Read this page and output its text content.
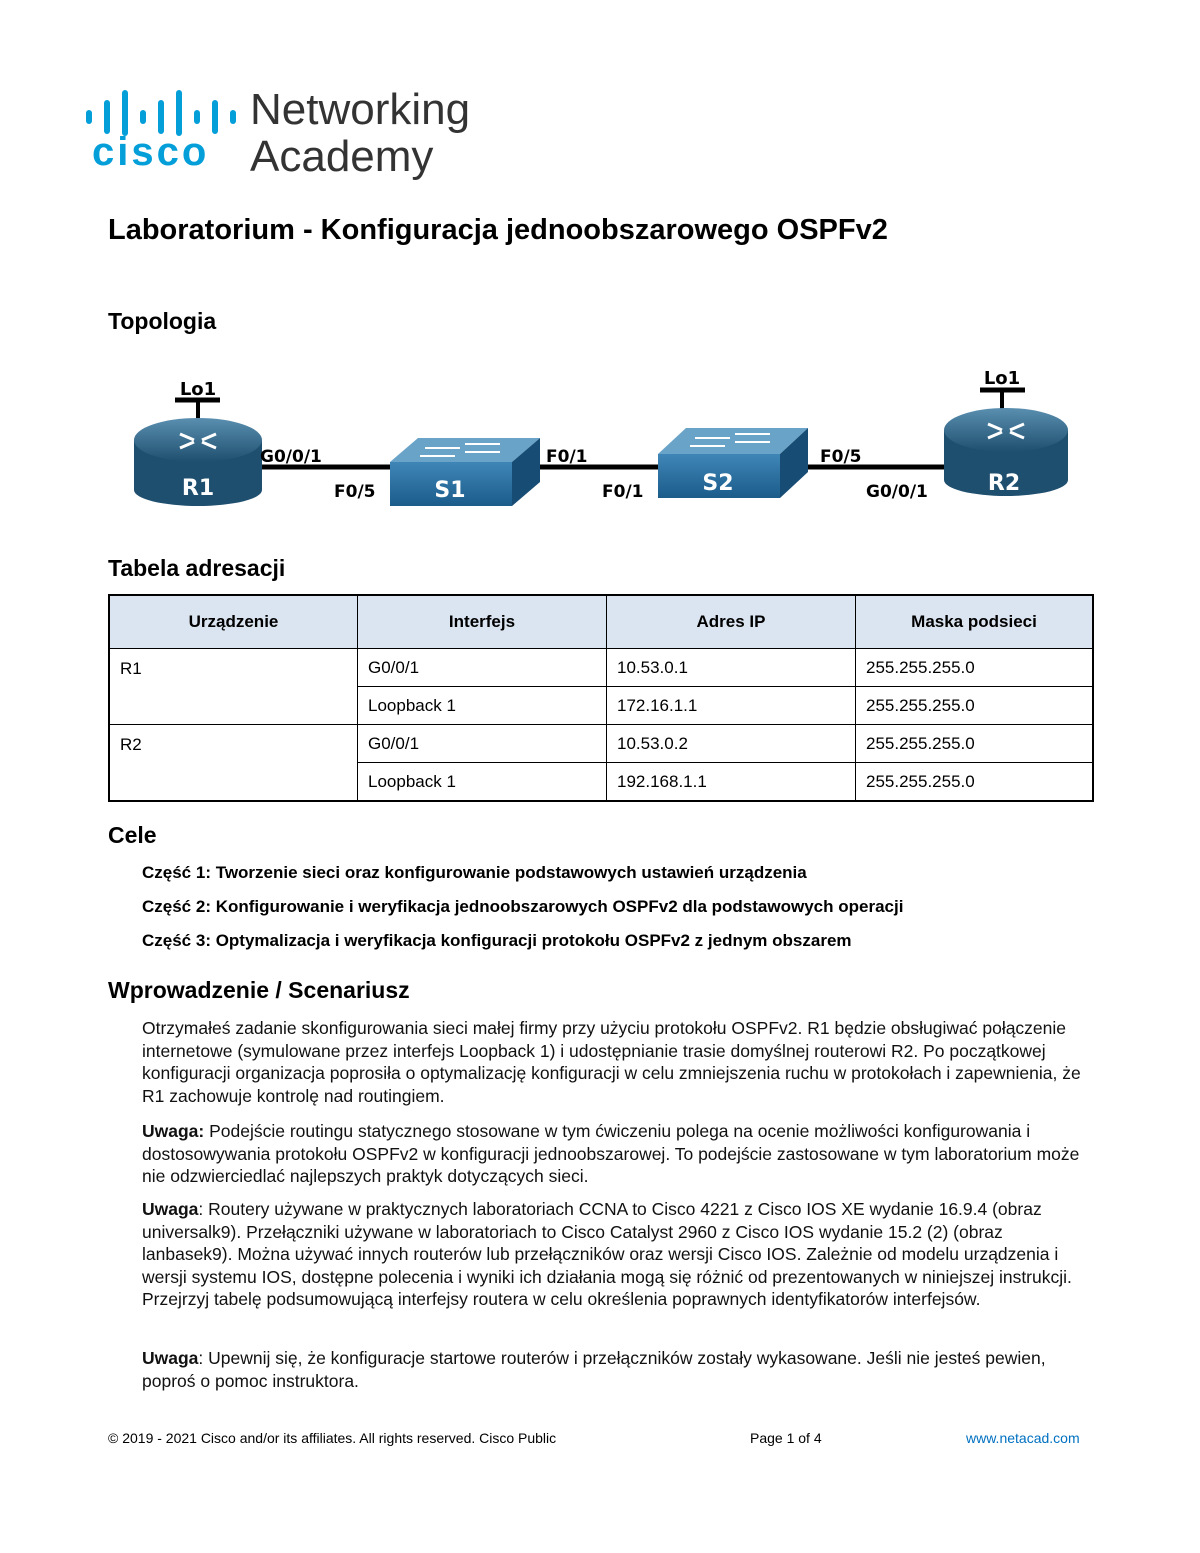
cisco
Networking
Academy
Laboratorium - Konfiguracja jednoobszarowego OSPFv2
Topologia
Lo1
R1
G0/0/1
F0/5	S1
F0/1
F0/1	S2
F0/5
G0/0/1
Lo1
R2
Tabela adresacji
Urządzenie	Interfejs	Adres IP	Maska podsieci
R1	G0/0/1	10.53.0.1	255.255.255.0
	Loopback 1	172.16.1.1	255.255.255.0
R2	G0/0/1	10.53.0.2	255.255.255.0
	Loopback 1	192.168.1.1	255.255.255.0
Cele
Część 1: Tworzenie sieci oraz konfigurowanie podstawowych ustawień urządzenia
Część 2: Konfigurowanie i weryfikacja jednoobszarowych OSPFv2 dla podstawowych operacji
Część 3: Optymalizacja i weryfikacja konfiguracji protokołu OSPFv2 z jednym obszarem
Wprowadzenie / Scenariusz
Otrzymałeś zadanie skonfigurowania sieci małej firmy przy użyciu protokołu OSPFv2. R1 będzie obsługiwać połączenie internetowe (symulowane przez interfejs Loopback 1) i udostępnianie trasie domyślnej routerowi R2. Po początkowej konfiguracji organizacja poprosiła o optymalizację konfiguracji w celu zmniejszenia ruchu w protokołach i zapewnienia, że R1 zachowuje kontrolę nad routingiem.
Uwaga: Podejście routingu statycznego stosowane w tym ćwiczeniu polega na ocenie możliwości konfigurowania i dostosowywania protokołu OSPFv2 w konfiguracji jednoobszarowej. To podejście zastosowane w tym laboratorium może nie odzwierciedlać najlepszych praktyk dotyczących sieci.
Uwaga: Routery używane w praktycznych laboratoriach CCNA to Cisco 4221 z Cisco IOS XE wydanie 16.9.4 (obraz universalk9). Przełączniki używane w laboratoriach to Cisco Catalyst 2960 z Cisco IOS wydanie 15.2 (2) (obraz lanbasek9). Można używać innych routerów lub przełączników oraz wersji Cisco IOS. Zależnie od modelu urządzenia i wersji systemu IOS, dostępne polecenia i wyniki ich działania mogą się różnić od prezentowanych w niniejszej instrukcji. Przejrzyj tabelę podsumowującą interfejsy routera w celu określenia poprawnych identyfikatorów interfejsów.
Uwaga: Upewnij się, że konfiguracje startowe routerów i przełączników zostały wykasowane. Jeśli nie jesteś pewien, poproś o pomoc instruktora.
© 2019 - 2021 Cisco and/or its affiliates. All rights reserved. Cisco Public	Page 1 of 4	www.netacad.com
